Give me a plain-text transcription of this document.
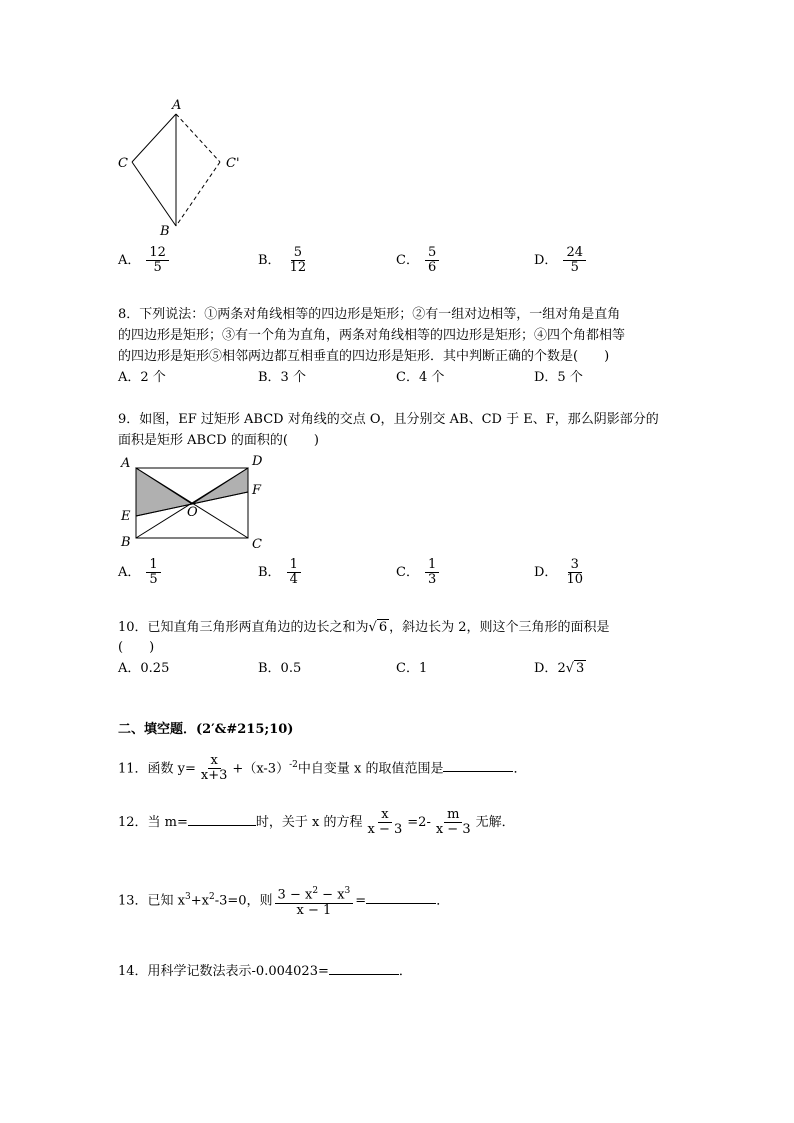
A
C	C'
B
A． $\frac{12}{5}$	B． $\frac{5}{12}$	C． $\frac{5}{6}$	D． $\frac{24}{5}$
8．下列说法：①两条对角线相等的四边形是矩形；②有一组对边相等，一组对角是直角
的四边形是矩形；③有一个角为直角，两条对角线相等的四边形是矩形；④四个角都相等
的四边形是矩形⑤相邻两边都互相垂直的四边形是矩形．其中判断正确的个数是(　　)
A．2 个	B．3 个	C．4 个	D．5 个
9．如图，EF 过矩形 ABCD 对角线的交点 O，且分别交 AB、CD 于 E、F，那么阴影部分的
面积是矩形 ABCD 的面积的(　　)
A	D
F
E	O
B	C
A． $\frac{1}{5}$	B． $\frac{1}{4}$	C． $\frac{1}{3}$	D． $\frac{3}{10}$
10．已知直角三角形两直角边的边长之和为√ 6 ，斜边长为 2，则这个三角形的面积是
(　　)
A．0.25	B．0.5	C．1	D．2√ 3
二、填空题．(2′&#215;10)
11．函数 $y= \frac{x}{x+3} +(x-3)^{-2}$中自变量 x 的取值范围是	．
12．当 m=	时，关于 x 的方程 $\frac{x}{x - 3} =2- \frac{m}{x - 3}$ 无解．
13．已知 $x^3+x^2-3=0$，则 $\frac{3 - x^2 - x^3}{x - 1}$ =	．
14．用科学记数法表示-0.004023=	．
